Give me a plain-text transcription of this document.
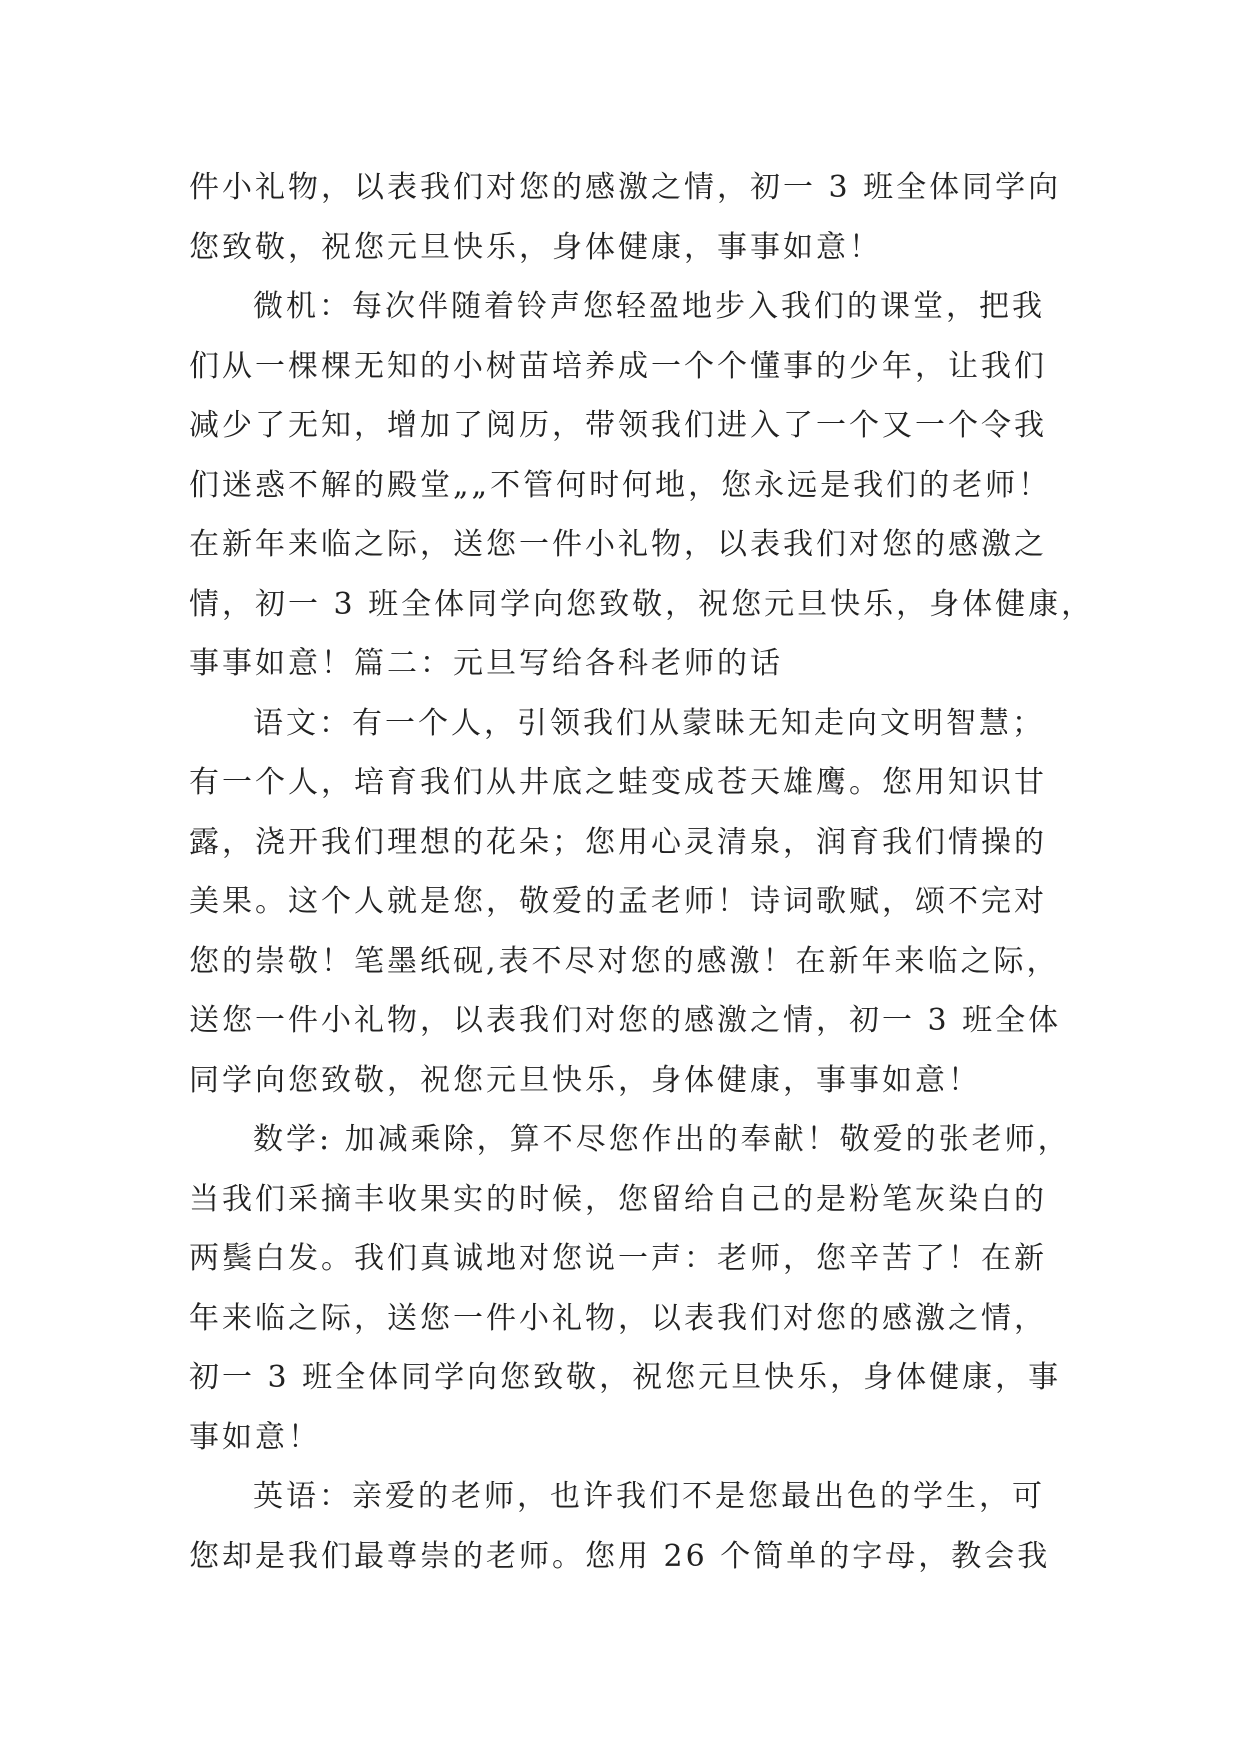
件小礼物，以表我们对您的感激之情，初一 3 班全体同学向
您致敬，祝您元旦快乐，身体健康，事事如意！
微机：每次伴随着铃声您轻盈地步入我们的课堂，把我
们从一棵棵无知的小树苗培养成一个个懂事的少年，让我们
减少了无知，增加了阅历，带领我们进入了一个又一个令我
们迷惑不解的殿堂„„不管何时何地，您永远是我们的老师！
在新年来临之际，送您一件小礼物，以表我们对您的感激之
情，初一 3 班全体同学向您致敬，祝您元旦快乐，身体健康，
事事如意！篇二：元旦写给各科老师的话
语文：有一个人，引领我们从蒙昧无知走向文明智慧；
有一个人，培育我们从井底之蛙变成苍天雄鹰。您用知识甘
露，浇开我们理想的花朵；您用心灵清泉，润育我们情操的
美果。这个人就是您，敬爱的孟老师！诗词歌赋，颂不完对
您的崇敬！笔墨纸砚,表不尽对您的感激！在新年来临之际，
送您一件小礼物，以表我们对您的感激之情，初一 3 班全体
同学向您致敬，祝您元旦快乐，身体健康，事事如意！
数学: 加减乘除，算不尽您作出的奉献！敬爱的张老师，
当我们采摘丰收果实的时候，您留给自己的是粉笔灰染白的
两鬓白发。我们真诚地对您说一声：老师，您辛苦了！在新
年来临之际，送您一件小礼物，以表我们对您的感激之情，
初一 3 班全体同学向您致敬，祝您元旦快乐，身体健康，事
事如意！
英语：亲爱的老师，也许我们不是您最出色的学生，可
您却是我们最尊崇的老师。您用 26 个简单的字母，教会我
